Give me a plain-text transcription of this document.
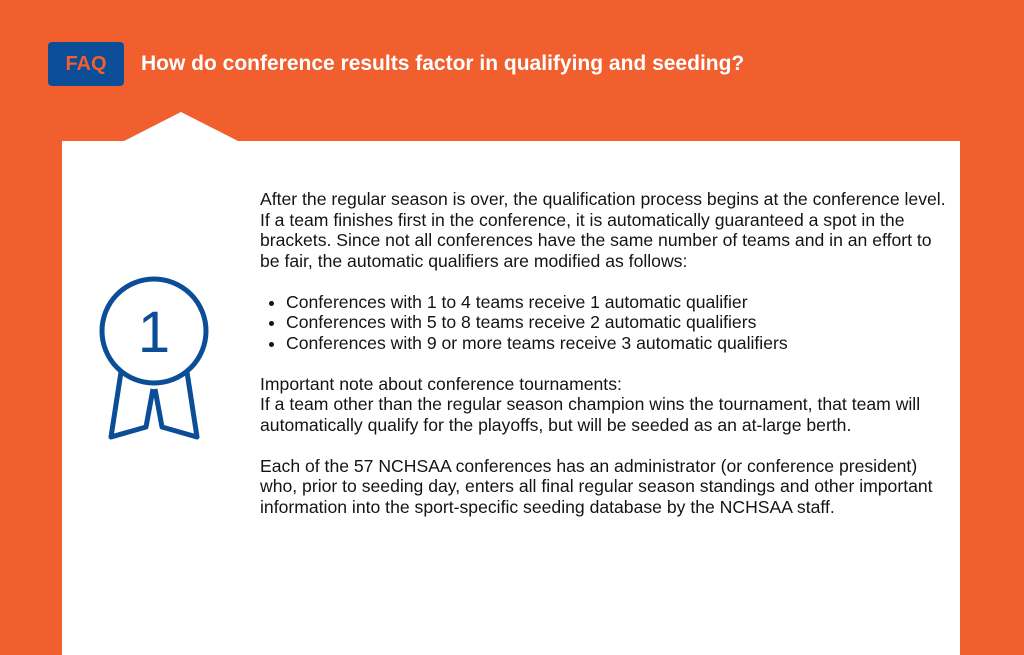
FAQ	How do conference results factor in qualifying and seeding?
1

After the regular season is over, the qualification process begins at the conference level. If a team finishes first in the conference, it is automatically guaranteed a spot in the brackets. Since not all conferences have the same number of teams and in an effort to be fair, the automatic qualifiers are modified as follows:

• Conferences with 1 to 4 teams receive 1 automatic qualifier
• Conferences with 5 to 8 teams receive 2 automatic qualifiers
• Conferences with 9 or more teams receive 3 automatic qualifiers

Important note about conference tournaments:

If a team other than the regular season champion wins the tournament, that team will automatically qualify for the playoffs, but will be seeded as an at-large berth.

Each of the 57 NCHSAA conferences has an administrator (or conference president) who, prior to seeding day, enters all final regular season standings and other important information into the sport-specific seeding database by the NCHSAA staff.
